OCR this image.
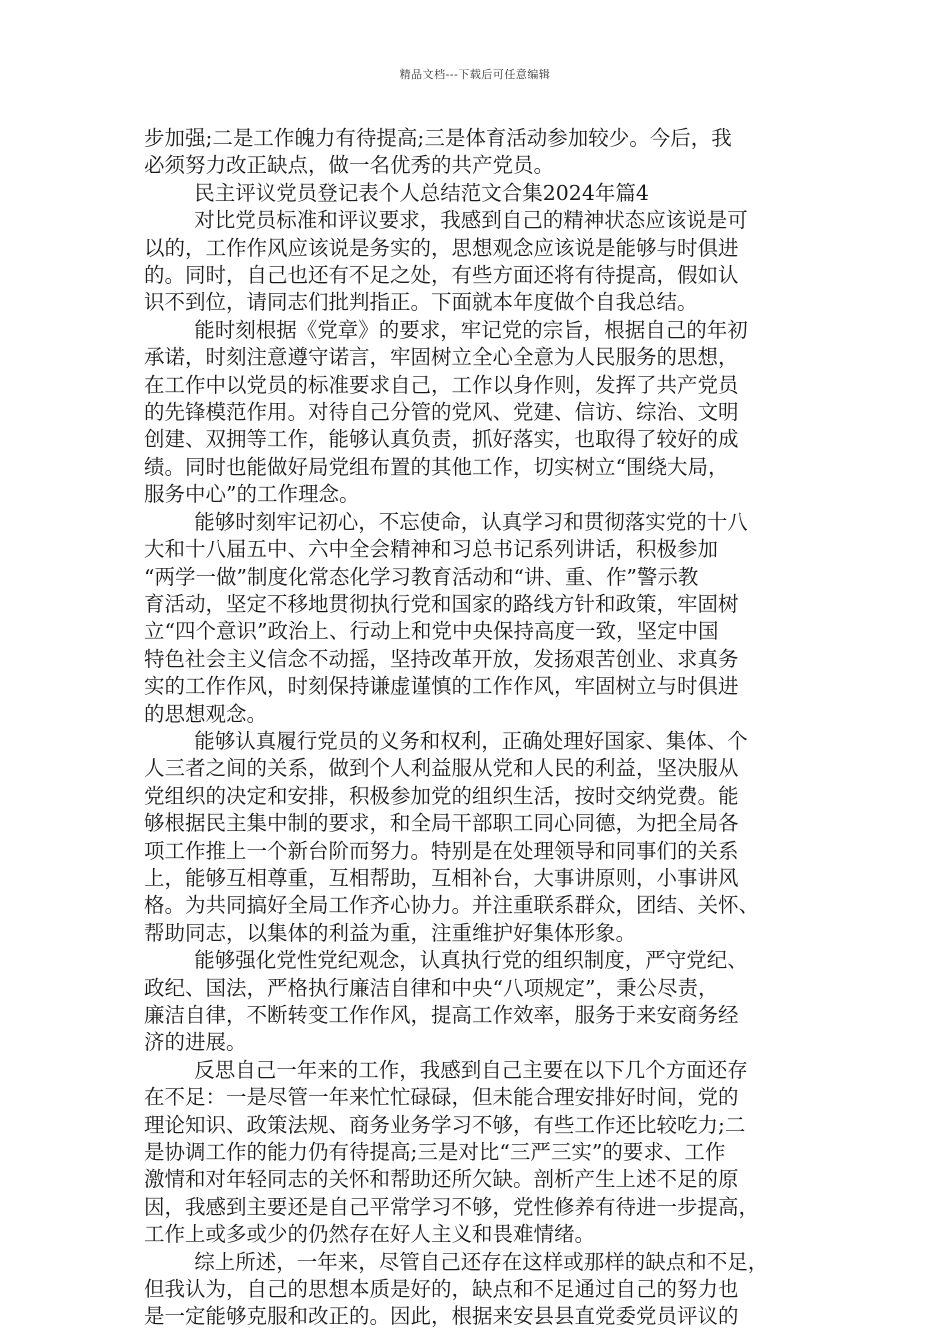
精品文档---下载后可任意编辑
步加强;二是工作魄力有待提高;三是体育活动参加较少。今后，我
必须努力改正缺点，做一名优秀的共产党员。
民主评议党员登记表个人总结范文合集2024年篇4
对比党员标准和评议要求，我感到自己的精神状态应该说是可
以的，工作作风应该说是务实的，思想观念应该说是能够与时俱进
的。同时，自己也还有不足之处，有些方面还将有待提高，假如认
识不到位，请同志们批判指正。下面就本年度做个自我总结。
能时刻根据《党章》的要求，牢记党的宗旨，根据自己的年初
承诺，时刻注意遵守诺言，牢固树立全心全意为人民服务的思想，
在工作中以党员的标准要求自己，工作以身作则，发挥了共产党员
的先锋模范作用。对待自己分管的党风、党建、信访、综治、文明
创建、双拥等工作，能够认真负责，抓好落实，也取得了较好的成
绩。同时也能做好局党组布置的其他工作，切实树立“围绕大局，
服务中心”的工作理念。
能够时刻牢记初心，不忘使命，认真学习和贯彻落实党的十八
大和十八届五中、六中全会精神和习总书记系列讲话，积极参加
“两学一做”制度化常态化学习教育活动和“讲、重、作”警示教
育活动，坚定不移地贯彻执行党和国家的路线方针和政策，牢固树
立“四个意识”政治上、行动上和党中央保持高度一致，坚定中国
特色社会主义信念不动摇，坚持改革开放，发扬艰苦创业、求真务
实的工作作风，时刻保持谦虚谨慎的工作作风，牢固树立与时俱进
的思想观念。
能够认真履行党员的义务和权利，正确处理好国家、集体、个
人三者之间的关系，做到个人利益服从党和人民的利益，坚决服从
党组织的决定和安排，积极参加党的组织生活，按时交纳党费。能
够根据民主集中制的要求，和全局干部职工同心同德，为把全局各
项工作推上一个新台阶而努力。特别是在处理领导和同事们的关系
上，能够互相尊重，互相帮助，互相补台，大事讲原则，小事讲风
格。为共同搞好全局工作齐心协力。并注重联系群众，团结、关怀、
帮助同志，以集体的利益为重，注重维护好集体形象。
能够强化党性党纪观念，认真执行党的组织制度，严守党纪、
政纪、国法，严格执行廉洁自律和中央“八项规定”，秉公尽责，
廉洁自律，不断转变工作作风，提高工作效率，服务于来安商务经
济的进展。
反思自己一年来的工作，我感到自己主要在以下几个方面还存
在不足：一是尽管一年来忙忙碌碌，但未能合理安排好时间，党的
理论知识、政策法规、商务业务学习不够，有些工作还比较吃力;二
是协调工作的能力仍有待提高;三是对比“三严三实”的要求、工作
激情和对年轻同志的关怀和帮助还所欠缺。剖析产生上述不足的原
因，我感到主要还是自己平常学习不够，党性修养有待进一步提高，
工作上或多或少的仍然存在好人主义和畏难情绪。
综上所述，一年来，尽管自己还存在这样或那样的缺点和不足，
但我认为，自己的思想本质是好的，缺点和不足通过自己的努力也
是一定能够克服和改正的。因此，根据来安县县直党委党员评议的
